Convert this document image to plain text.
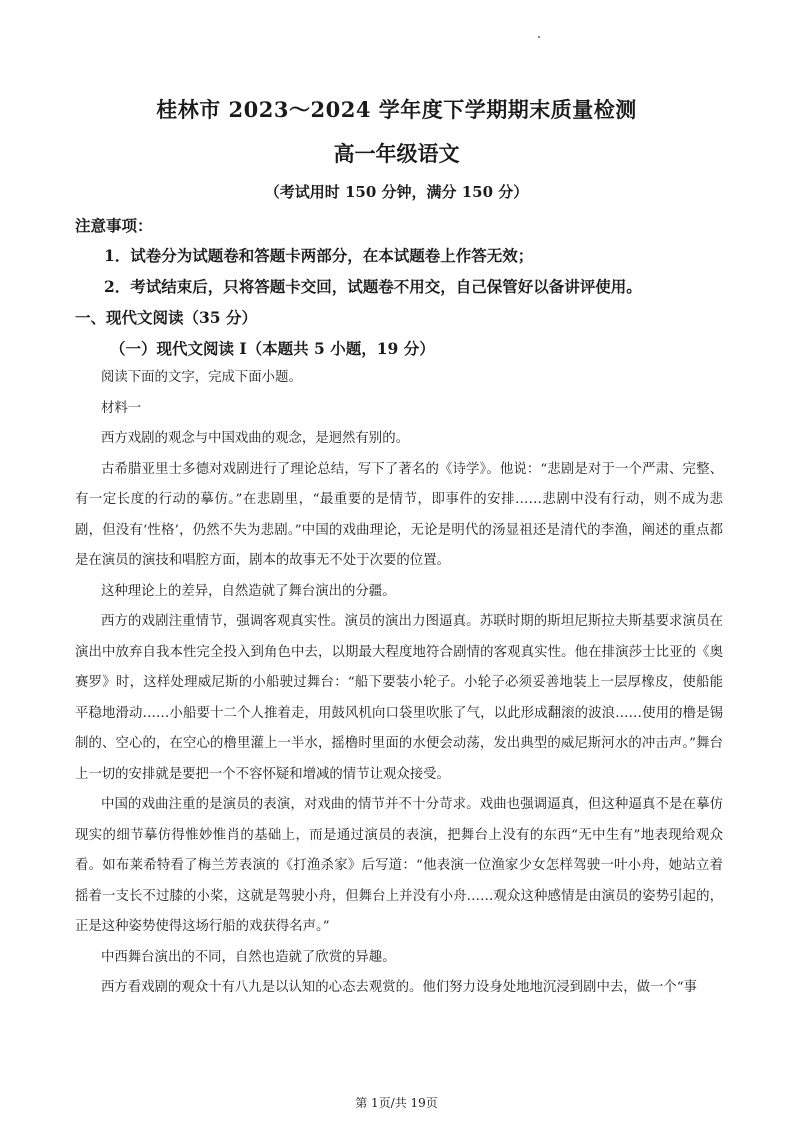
桂林市 2023～2024 学年度下学期期末质量检测
高一年级语文
（考试用时 150 分钟，满分 150 分）
注意事项：
1．试卷分为试题卷和答题卡两部分，在本试题卷上作答无效；
2．考试结束后，只将答题卡交回，试题卷不用交，自己保管好以备讲评使用。
一、现代文阅读（35 分）
（一）现代文阅读 I（本题共 5 小题，19 分）

阅读下面的文字，完成下面小题。

材料一

西方戏剧的观念与中国戏曲的观念，是迥然有别的。

古希腊亚里士多德对戏剧进行了理论总结，写下了著名的《诗学》。他说：“悲剧是对于一个严肃、完整、有一定长度的行动的摹仿。”在悲剧里，“最重要的是情节，即事件的安排……悲剧中没有行动，则不成为悲剧，但没有‘性格’，仍然不失为悲剧。”中国的戏曲理论，无论是明代的汤显祖还是清代的李渔，阐述的重点都是在演员的演技和唱腔方面，剧本的故事无不处于次要的位置。

这种理论上的差异，自然造就了舞台演出的分疆。

西方的戏剧注重情节，强调客观真实性。演员的演出力图逼真。苏联时期的斯坦尼斯拉夫斯基要求演员在演出中放弃自我本性完全投入到角色中去，以期最大程度地符合剧情的客观真实性。他在排演莎士比亚的《奥赛罗》时，这样处理威尼斯的小船驶过舞台：“船下要装小轮子。小轮子必须妥善地装上一层厚橡皮，使船能平稳地滑动……小船要十二个人推着走，用鼓风机向口袋里吹胀了气，以此形成翻滚的波浪……使用的橹是锡制的、空心的，在空心的橹里灌上一半水，摇橹时里面的水便会动荡，发出典型的威尼斯河水的冲击声。”舞台上一切的安排就是要把一个不容怀疑和增减的情节让观众接受。

中国的戏曲注重的是演员的表演，对戏曲的情节并不十分苛求。戏曲也强调逼真，但这种逼真不是在摹仿现实的细节摹仿得惟妙惟肖的基础上，而是通过演员的表演，把舞台上没有的东西“无中生有”地表现给观众看。如布莱希特看了梅兰芳表演的《打渔杀家》后写道：“他表演一位渔家少女怎样驾驶一叶小舟，她站立着摇着一支长不过膝的小桨，这就是驾驶小舟，但舞台上并没有小舟……观众这种感情是由演员的姿势引起的，正是这种姿势使得这场行船的戏获得名声。”

中西舞台演出的不同，自然也造就了欣赏的异趣。

西方看戏剧的观众十有八九是以认知的心态去观赏的。他们努力设身处地地沉浸到剧中去，做一个“事

第 1页/共 19页
